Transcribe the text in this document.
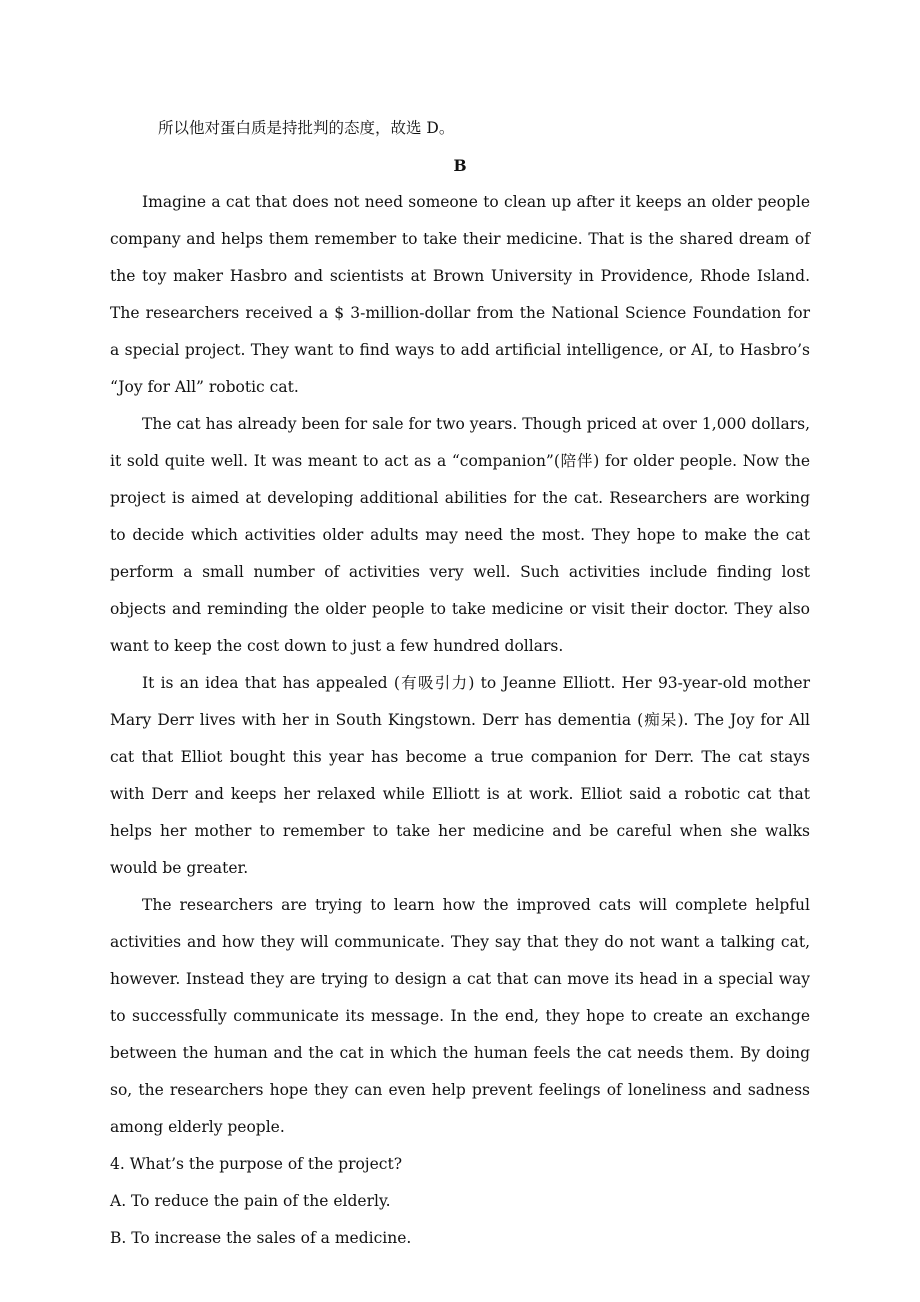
所以他对蛋白质是持批判的态度，故选 D。

B

Imagine a cat that does not need someone to clean up after it keeps an older people company and helps them remember to take their medicine. That is the shared dream of the toy maker Hasbro and scientists at Brown University in Providence, Rhode Island. The researchers received a $ 3-million-dollar from the National Science Foundation for a special project. They want to find ways to add artificial intelligence, or AI, to Hasbro’s “Joy for All” robotic cat.

The cat has already been for sale for two years. Though priced at over 1,000 dollars, it sold quite well. It was meant to act as a “companion”(陪伴) for older people. Now the project is aimed at developing additional abilities for the cat. Researchers are working to decide which activities older adults may need the most. They hope to make the cat perform a small number of activities very well. Such activities include finding lost objects and reminding the older people to take medicine or visit their doctor. They also want to keep the cost down to just a few hundred dollars.

It is an idea that has appealed (有吸引力) to Jeanne Elliott. Her 93-year-old mother Mary Derr lives with her in South Kingstown. Derr has dementia (痴呆). The Joy for All cat that Elliot bought this year has become a true companion for Derr. The cat stays with Derr and keeps her relaxed while Elliott is at work. Elliot said a robotic cat that helps her mother to remember to take her medicine and be careful when she walks would be greater.

The researchers are trying to learn how the improved cats will complete helpful activities and how they will communicate. They say that they do not want a talking cat, however. Instead they are trying to design a cat that can move its head in a special way to successfully communicate its message. In the end, they hope to create an exchange between the human and the cat in which the human feels the cat needs them. By doing so, the researchers hope they can even help prevent feelings of loneliness and sadness among elderly people.

4. What’s the purpose of the project?

A. To reduce the pain of the elderly.

B. To increase the sales of a medicine.
